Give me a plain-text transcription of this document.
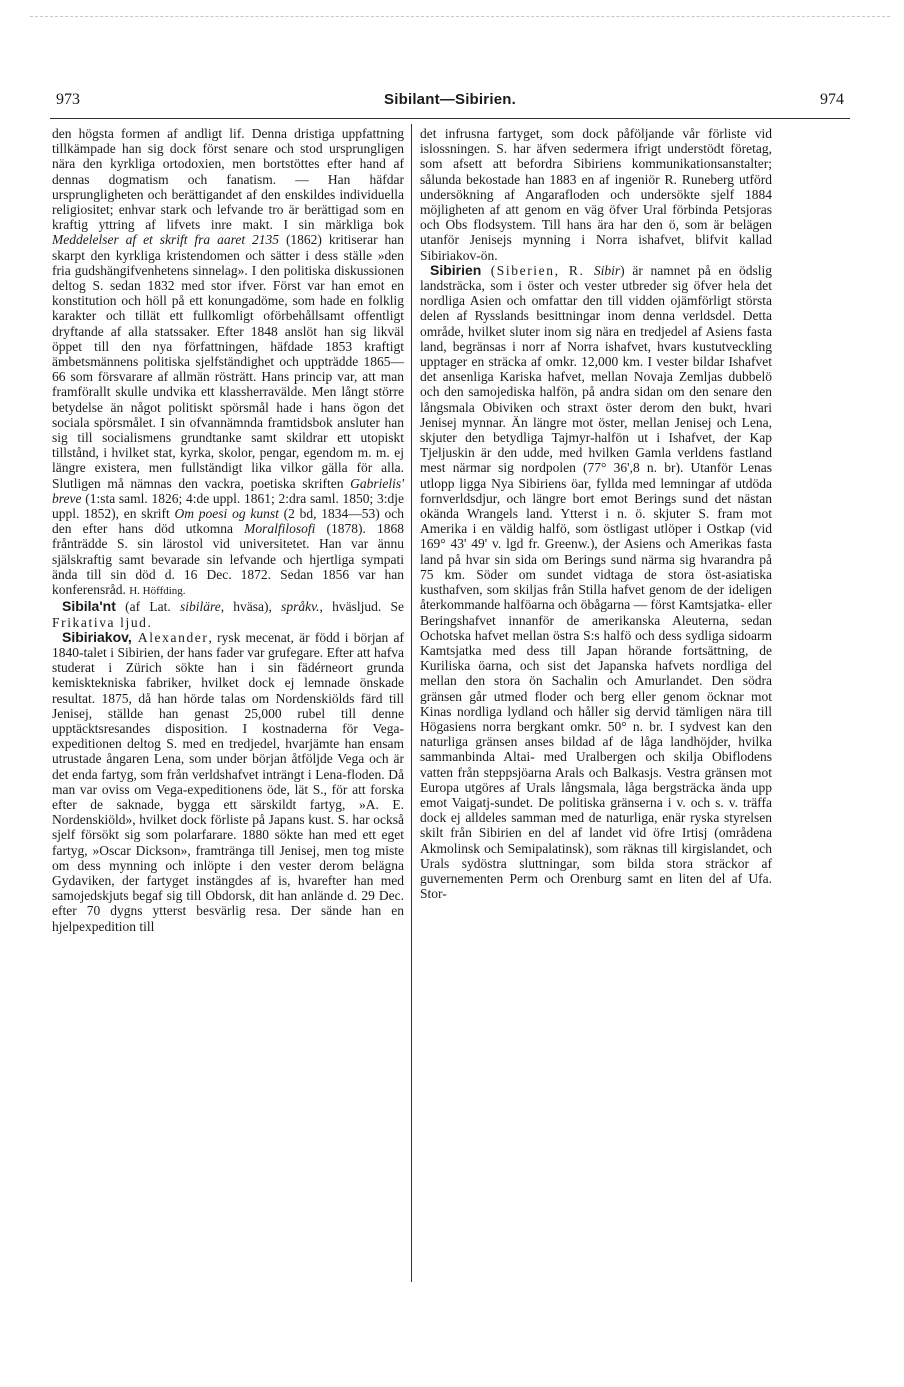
973	Sibilant—Sibirien.	974

den högsta formen af andligt lif. Denna dristiga uppfattning tillkämpade han sig dock först senare och stod ursprungligen nära den kyrkliga ortodoxien, men bortstöttes efter hand af dennas dogmatism och fanatism. — Han häfdar ursprungligheten och berättigandet af den enskildes individuella religiositet; enhvar stark och lefvande tro är berättigad som en kraftig yttring af lifvets inre makt. I sin märkliga bok Meddelelser af et skrift fra aaret 2135 (1862) kritiserar han skarpt den kyrkliga kristendomen och sätter i dess ställe »den fria gudshängifvenhetens sinnelag». I den politiska diskussionen deltog S. sedan 1832 med stor ifver. Först var han emot en konstitution och höll på ett konungadöme, som hade en folklig karakter och tillät ett fullkomligt oförbehållsamt offentligt dryftande af alla statssaker. Efter 1848 anslöt han sig likväl öppet till den nya författningen, häfdade 1853 kraftigt ämbetsmännens politiska sjelfständighet och uppträdde 1865—66 som försvarare af allmän rösträtt. Hans princip var, att man framförallt skulle undvika ett klassherravälde. Men långt större betydelse än något politiskt spörsmål hade i hans ögon det sociala spörsmålet. I sin ofvannämnda framtidsbok ansluter han sig till socialismens grundtanke samt skildrar ett utopiskt tillstånd, i hvilket stat, kyrka, skolor, pengar, egendom m. m. ej längre existera, men fullständigt lika vilkor gälla för alla. Slutligen må nämnas den vackra, poetiska skriften Gabrielis' breve (1:sta saml. 1826; 4:de uppl. 1861; 2:dra saml. 1850; 3:dje uppl. 1852), en skrift Om poesi og kunst (2 bd, 1834—53) och den efter hans död utkomna Moralfilosofi (1878). 1868 frånträdde S. sin lärostol vid universitetet. Han var ännu själskraftig samt bevarade sin lefvande och hjertliga sympati ända till sin död d. 16 Dec. 1872. Sedan 1856 var han konferensråd. H. Höffding.

Sibila'nt (af Lat. sibiläre, hväsa), språkv., hväsljud. Se Frikativa ljud.

Sibiriakov, Alexander, rysk mecenat, är född i början af 1840-talet i Sibirien, der hans fader var grufegare. Efter att hafva studerat i Zürich sökte han i sin fädérneort grunda kemisktekniska fabriker, hvilket dock ej lemnade önskade resultat. 1875, då han hörde talas om Nordenskiölds färd till Jenisej, ställde han genast 25,000 rubel till denne upptäcktsresandes disposition. I kostnaderna för Vega-expeditionen deltog S. med en tredjedel, hvarjämte han ensam utrustade ångaren Lena, som under början åtföljde Vega och är det enda fartyg, som från verldshafvet inträngt i Lena-floden. Då man var oviss om Vega-expeditionens öde, lät S., för att forska efter de saknade, bygga ett särskildt fartyg, »A. E. Nordenskiöld», hvilket dock förliste på Japans kust. S. har också sjelf försökt sig som polarfarare. 1880 sökte han med ett eget fartyg, »Oscar Dickson», framtränga till Jenisej, men tog miste om dess mynning och inlöpte i den vester derom belägna Gydaviken, der fartyget instängdes af is, hvarefter han med samojedskjuts begaf sig till Obdorsk, dit han anlände d. 29 Dec. efter 70 dygns ytterst besvärlig resa. Der sände han en hjelpexpedition till

det infrusna fartyget, som dock påföljande vår förliste vid islossningen. S. har äfven sedermera ifrigt understödt företag, som afsett att befordra Sibiriens kommunikationsanstalter; sålunda bekostade han 1883 en af ingeniör R. Runeberg utförd undersökning af Angarafloden och undersökte sjelf 1884 möjligheten af att genom en väg öfver Ural förbinda Petsjoras och Obs flodsystem. Till hans ära har den ö, som är belägen utanför Jenisejs mynning i Norra ishafvet, blifvit kallad Sibiriakov-ön.

Sibirien (Siberien, R. Sibir) är namnet på en ödslig landsträcka, som i öster och vester utbreder sig öfver hela det nordliga Asien och omfattar den till vidden ojämförligt största delen af Rysslands besittningar inom denna verldsdel. Detta område, hvilket sluter inom sig nära en tredjedel af Asiens fasta land, begränsas i norr af Norra ishafvet, hvars kustutveckling upptager en sträcka af omkr. 12,000 km. I vester bildar Ishafvet det ansenliga Kariska hafvet, mellan Novaja Zemljas dubbelö och den samojediska halfön, på andra sidan om den senare den långsmala Obiviken och straxt öster derom den bukt, hvari Jenisej mynnar. Än längre mot öster, mellan Jenisej och Lena, skjuter den betydliga Tajmyr-halfön ut i Ishafvet, der Kap Tjeljuskin är den udde, med hvilken Gamla verldens fastland mest närmar sig nordpolen (77° 36',8 n. br). Utanför Lenas utlopp ligga Nya Sibiriens öar, fyllda med lemningar af utdöda fornverldsdjur, och längre bort emot Berings sund det nästan okända Wrangels land. Ytterst i n. ö. skjuter S. fram mot Amerika i en väldig halfö, som östligast utlöper i Ostkap (vid 169° 43' 49' v. lgd fr. Greenw.), der Asiens och Amerikas fasta land på hvar sin sida om Berings sund närma sig hvarandra på 75 km. Söder om sundet vidtaga de stora öst-asiatiska kusthafven, som skiljas från Stilla hafvet genom de der ideligen återkommande halföarna och öbågarna — först Kamtsjatka- eller Beringshafvet innanför de amerikanska Aleuterna, sedan Ochotska hafvet mellan östra S:s halfö och dess sydliga sidoarm Kamtsjatka med dess till Japan hörande fortsättning, de Kuriliska öarna, och sist det Japanska hafvets nordliga del mellan den stora ön Sachalin och Amurlandet. Den södra gränsen går utmed floder och berg eller genom öcknar mot Kinas nordliga lydland och håller sig dervid tämligen nära till Högasiens norra bergkant omkr. 50° n. br. I sydvest kan den naturliga gränsen anses bildad af de låga landhöjder, hvilka sammanbinda Altai- med Uralbergen och skilja Obiflodens vatten från steppsjöarna Arals och Balkasjs. Vestra gränsen mot Europa utgöres af Urals långsmala, låga bergsträcka ända upp emot Vaigatj-sundet. De politiska gränserna i v. och s. v. träffa dock ej alldeles samman med de naturliga, enär ryska styrelsen skilt från Sibirien en del af landet vid öfre Irtisj (områdena Akmolinsk och Semipalatinsk), som räknas till kirgislandet, och Urals sydöstra sluttningar, som bilda stora sträckor af guvernementen Perm och Orenburg samt en liten del af Ufa. Stor-
